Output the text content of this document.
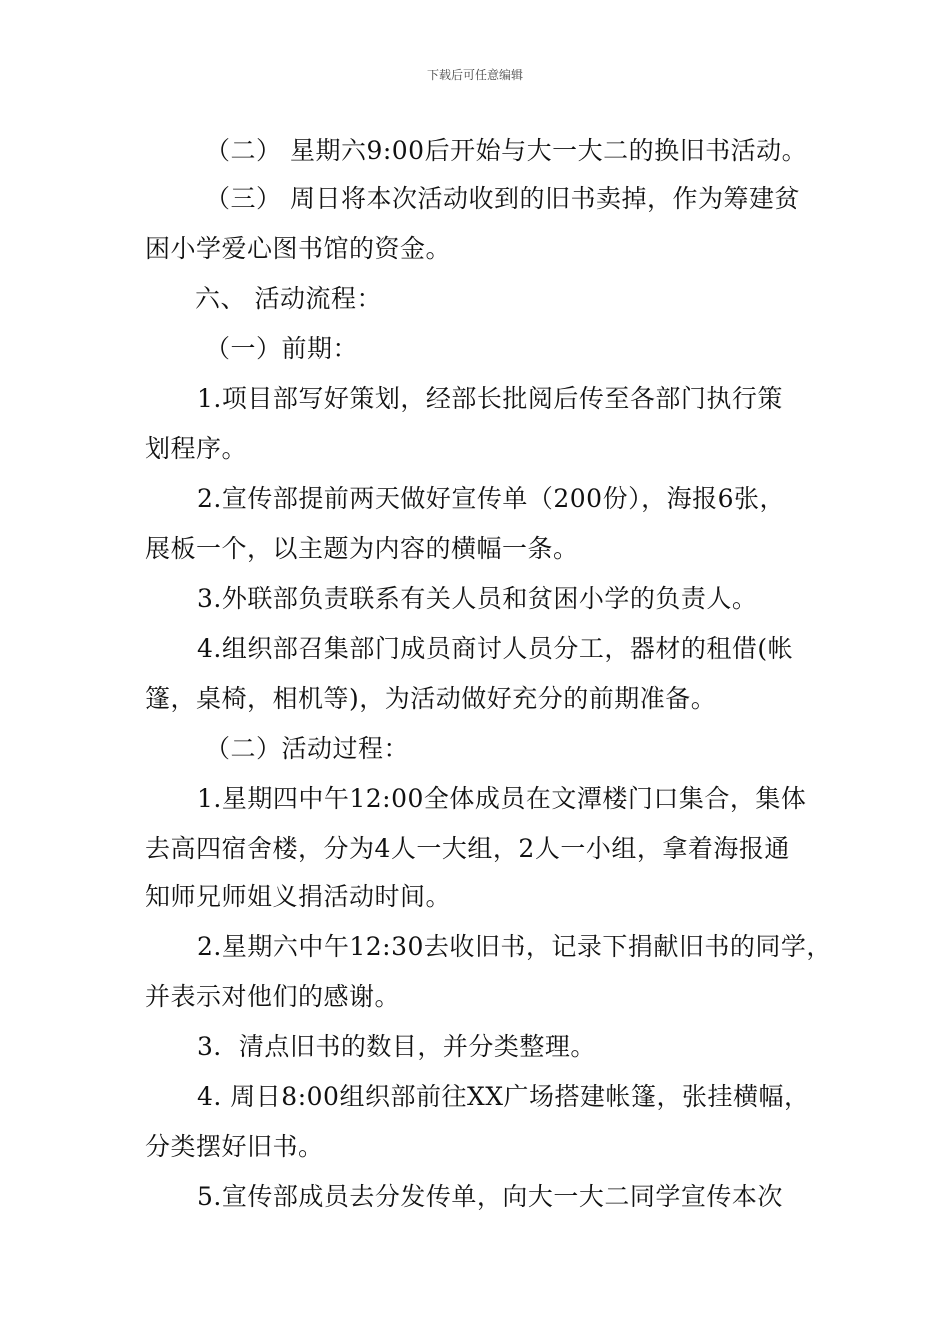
下载后可任意编辑
（二） 星期六9:00后开始与大一大二的换旧书活动。
（三） 周日将本次活动收到的旧书卖掉，作为筹建贫
困小学爱心图书馆的资金。
六、 活动流程：
（一）前期：
1.项目部写好策划，经部长批阅后传至各部门执行策
划程序。
2.宣传部提前两天做好宣传单（200份），海报6张，
展板一个，以主题为内容的横幅一条。
3.外联部负责联系有关人员和贫困小学的负责人。
4.组织部召集部门成员商讨人员分工，器材的租借(帐
篷，桌椅，相机等)，为活动做好充分的前期准备。
（二）活动过程：
1.星期四中午12:00全体成员在文潭楼门口集合，集体
去高四宿舍楼，分为4人一大组，2人一小组，拿着海报通
知师兄师姐义捐活动时间。
2.星期六中午12:30去收旧书，记录下捐献旧书的同学，
并表示对他们的感谢。
3．清点旧书的数目，并分类整理。
4. 周日8:00组织部前往XX广场搭建帐篷，张挂横幅，
分类摆好旧书。
5.宣传部成员去分发传单，向大一大二同学宣传本次
